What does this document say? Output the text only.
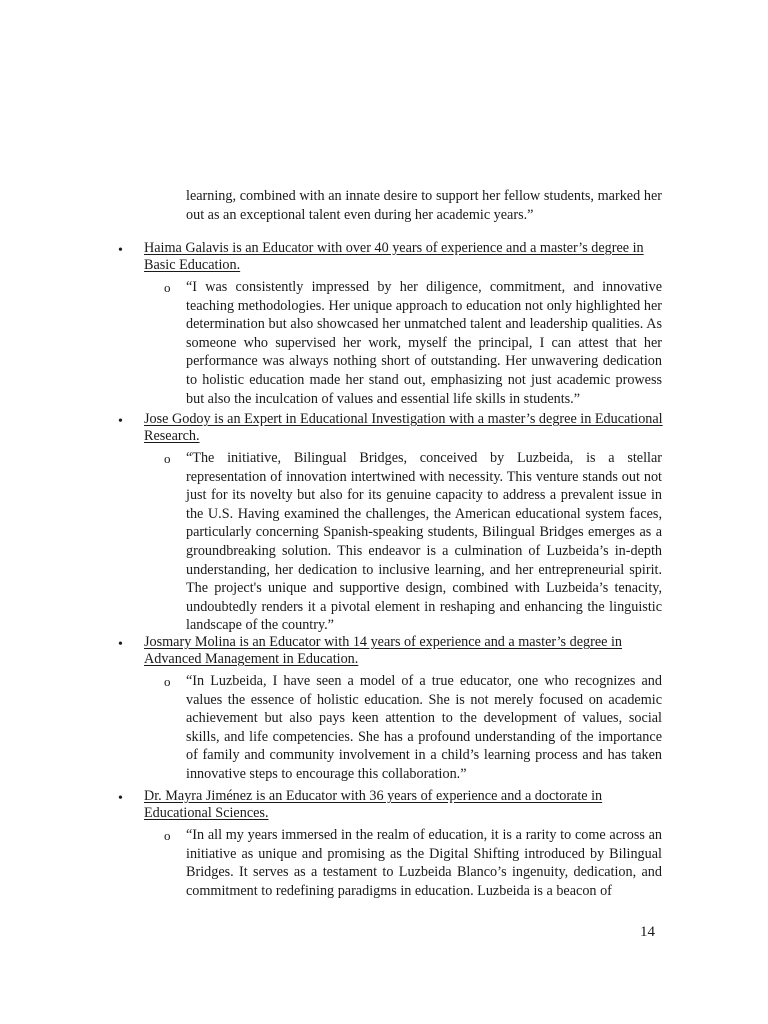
learning, combined with an innate desire to support her fellow students, marked her out as an exceptional talent even during her academic years.”
• Haima Galavis is an Educator with over 40 years of experience and a master’s degree in Basic Education.
o “I was consistently impressed by her diligence, commitment, and innovative teaching methodologies. Her unique approach to education not only highlighted her determination but also showcased her unmatched talent and leadership qualities. As someone who supervised her work, myself the principal, I can attest that her performance was always nothing short of outstanding. Her unwavering dedication to holistic education made her stand out, emphasizing not just academic prowess but also the inculcation of values and essential life skills in students.”
• Jose Godoy is an Expert in Educational Investigation with a master’s degree in Educational Research.
o “The initiative, Bilingual Bridges, conceived by Luzbeida, is a stellar representation of innovation intertwined with necessity. This venture stands out not just for its novelty but also for its genuine capacity to address a prevalent issue in the U.S. Having examined the challenges, the American educational system faces, particularly concerning Spanish-speaking students, Bilingual Bridges emerges as a groundbreaking solution. This endeavor is a culmination of Luzbeida’s in-depth understanding, her dedication to inclusive learning, and her entrepreneurial spirit. The project's unique and supportive design, combined with Luzbeida’s tenacity, undoubtedly renders it a pivotal element in reshaping and enhancing the linguistic landscape of the country.”
• Josmary Molina is an Educator with 14 years of experience and a master’s degree in Advanced Management in Education.
o “In Luzbeida, I have seen a model of a true educator, one who recognizes and values the essence of holistic education. She is not merely focused on academic achievement but also pays keen attention to the development of values, social skills, and life competencies. She has a profound understanding of the importance of family and community involvement in a child’s learning process and has taken innovative steps to encourage this collaboration.”
• Dr. Mayra Jiménez is an Educator with 36 years of experience and a doctorate in Educational Sciences.
o “In all my years immersed in the realm of education, it is a rarity to come across an initiative as unique and promising as the Digital Shifting introduced by Bilingual Bridges. It serves as a testament to Luzbeida Blanco’s ingenuity, dedication, and commitment to redefining paradigms in education. Luzbeida is a beacon of
14
